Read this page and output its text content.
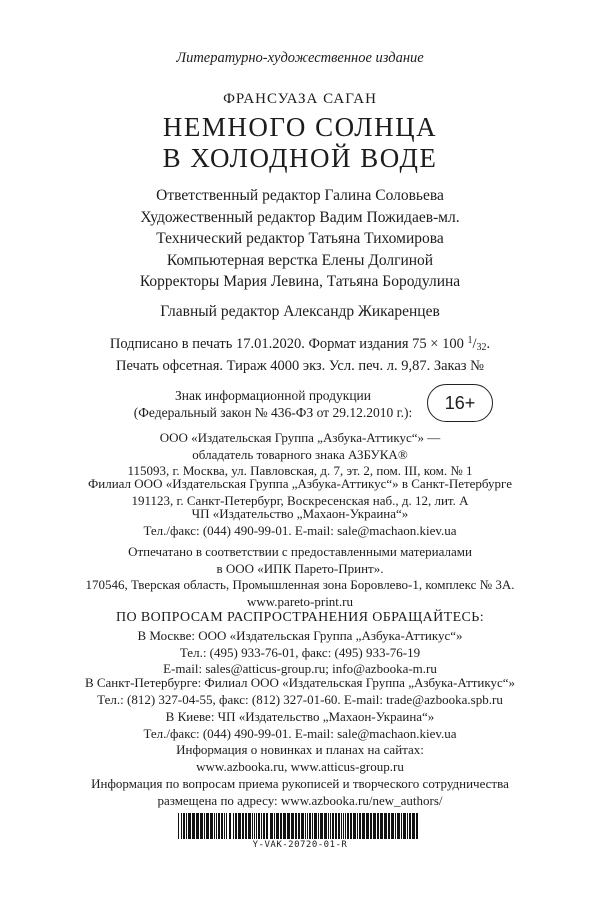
Литературно-художественное издание
ФРАНСУАЗА САГАН
НЕМНОГО СОЛНЦА
В ХОЛОДНОЙ ВОДЕ
Ответственный редактор Галина Соловьева
Художественный редактор Вадим Пожидаев-мл.
Технический редактор Татьяна Тихомирова
Компьютерная верстка Елены Долгиной
Корректоры Мария Левина, Татьяна Бородулина
Главный редактор Александр Жикаренцев
Подписано в печать 17.01.2020. Формат издания 75 × 100 $^1/_{32}$.
Печать офсетная. Тираж 4000 экз. Усл. печ. л. 9,87. Заказ №
Знак информационной продукции
(Федеральный закон № 436-ФЗ от 29.12.2010 г.):	16+
ООО «Издательская Группа „Азбука-Аттикус“» —
обладатель товарного знака АЗБУКА®
115093, г. Москва, ул. Павловская, д. 7, эт. 2, пом. III, ком. № 1
Филиал ООО «Издательская Группа „Азбука-Аттикус“» в Санкт-Петербурге
191123, г. Санкт-Петербург, Воскресенская наб., д. 12, лит. А
ЧП «Издательство „Махаон-Украина“»
Тел./факс: (044) 490-99-01. E-mail: sale@machaon.kiev.ua
Отпечатано в соответствии с предоставленными материалами
в ООО «ИПК Парето-Принт».
170546, Тверская область, Промышленная зона Боровлево-1, комплекс № 3А.
www.pareto-print.ru
ПО ВОПРОСАМ РАСПРОСТРАНЕНИЯ ОБРАЩАЙТЕСЬ:
В Москве: ООО «Издательская Группа „Азбука-Аттикус“»
Тел.: (495) 933-76-01, факс: (495) 933-76-19
E-mail: sales@atticus-group.ru; info@azbooka-m.ru
В Санкт-Петербурге: Филиал ООО «Издательская Группа „Азбука-Аттикус“»
Тел.: (812) 327-04-55, факс: (812) 327-01-60. E-mail: trade@azbooka.spb.ru
В Киеве: ЧП «Издательство „Махаон-Украина“»
Тел./факс: (044) 490-99-01. E-mail: sale@machaon.kiev.ua
Информация о новинках и планах на сайтах:
www.azbooka.ru, www.atticus-group.ru
Информация по вопросам приема рукописей и творческого сотрудничества
размещена по адресу: www.azbooka.ru/new_authors/
Y-VAK-20720-01-R
